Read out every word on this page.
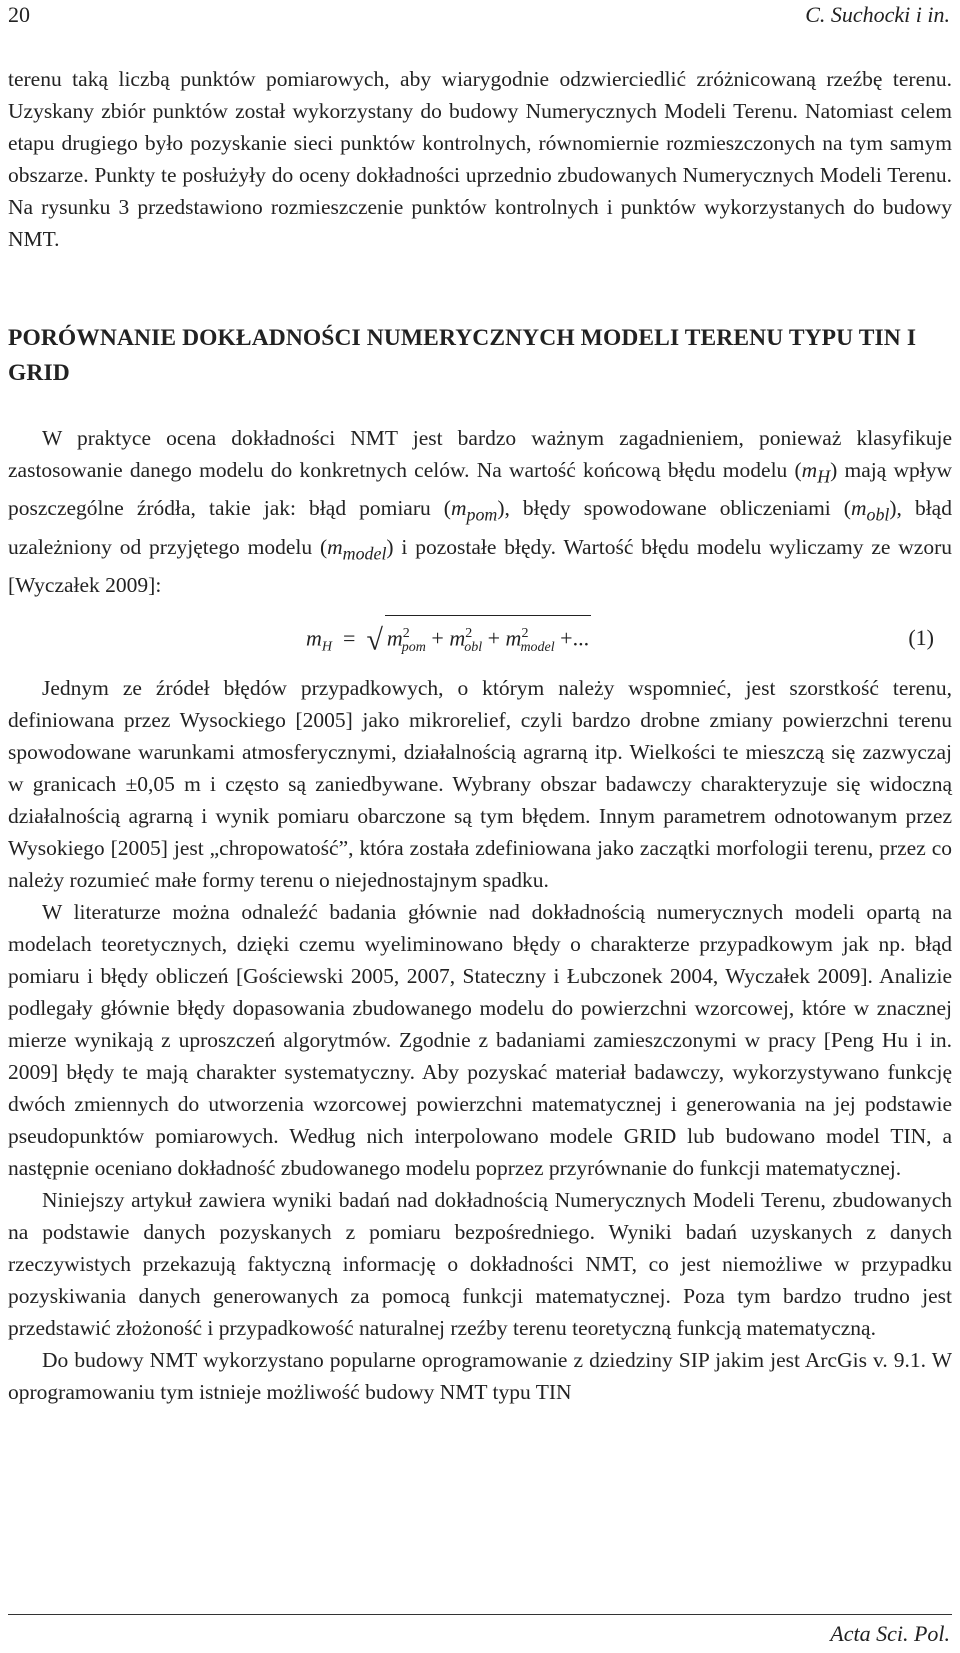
20	C. Suchocki i in.

terenu taką liczbą punktów pomiarowych, aby wiarygodnie odzwierciedlić zróżnicowaną rzeźbę terenu. Uzyskany zbiór punktów został wykorzystany do budowy Numerycznych Modeli Terenu. Natomiast celem etapu drugiego było pozyskanie sieci punktów kontrolnych, równomiernie rozmieszczonych na tym samym obszarze. Punkty te posłużyły do oceny dokładności uprzednio zbudowanych Numerycznych Modeli Terenu. Na rysunku 3 przedstawiono rozmieszczenie punktów kontrolnych i punktów wykorzystanych do budowy NMT.

PORÓWNANIE DOKŁADNOŚCI NUMERYCZNYCH MODELI TERENU TYPU TIN I GRID

W praktyce ocena dokładności NMT jest bardzo ważnym zagadnieniem, ponieważ klasyfikuje zastosowanie danego modelu do konkretnych celów. Na wartość końcową błędu modelu $(m_H)$ mają wpływ poszczególne źródła, takie jak: błąd pomiaru $(m_{pom})$, błędy spowodowane obliczeniami $(m_{obl})$, błąd uzależniony od przyjętego modelu $(m_{model})$ i pozostałe błędy. Wartość błędu modelu wyliczamy ze wzoru [Wyczałek 2009]:

$m_H$ = √ $m^2_{pom} + m^2_{obl} + m^2_{model}$ +...	(1)

Jednym ze źródeł błędów przypadkowych, o którym należy wspomnieć, jest szorstkość terenu, definiowana przez Wysockiego [2005] jako mikrorelief, czyli bardzo drobne zmiany powierzchni terenu spowodowane warunkami atmosferycznymi, działalnością agrarną itp. Wielkości te mieszczą się zazwyczaj w granicach ±0,05 m i często są zaniedbywane. Wybrany obszar badawczy charakteryzuje się widoczną działalnością agrarną i wynik pomiaru obarczone są tym błędem. Innym parametrem odnotowanym przez Wysokiego [2005] jest „chropowatość”, która została zdefiniowana jako zaczątki morfologii terenu, przez co należy rozumieć małe formy terenu o niejednostajnym spadku.

W literaturze można odnaleźć badania głównie nad dokładnością numerycznych modeli opartą na modelach teoretycznych, dzięki czemu wyeliminowano błędy o charakterze przypadkowym jak np. błąd pomiaru i błędy obliczeń [Gościewski 2005, 2007, Stateczny i Łubczonek 2004, Wyczałek 2009]. Analizie podlegały głównie błędy dopasowania zbudowanego modelu do powierzchni wzorcowej, które w znacznej mierze wynikają z uproszczeń algorytmów. Zgodnie z badaniami zamieszczonymi w pracy [Peng Hu i in. 2009] błędy te mają charakter systematyczny. Aby pozyskać materiał badawczy, wykorzystywano funkcję dwóch zmiennych do utworzenia wzorcowej powierzchni matematycznej i generowania na jej podstawie pseudopunktów pomiarowych. Według nich interpolowano modele GRID lub budowano model TIN, a następnie oceniano dokładność zbudowanego modelu poprzez przyrównanie do funkcji matematycznej.

Niniejszy artykuł zawiera wyniki badań nad dokładnością Numerycznych Modeli Terenu, zbudowanych na podstawie danych pozyskanych z pomiaru bezpośredniego. Wyniki badań uzyskanych z danych rzeczywistych przekazują faktyczną informację o dokładności NMT, co jest niemożliwe w przypadku pozyskiwania danych generowanych za pomocą funkcji matematycznej. Poza tym bardzo trudno jest przedstawić złożoność i przypadkowość naturalnej rzeźby terenu teoretyczną funkcją matematyczną.

Do budowy NMT wykorzystano popularne oprogramowanie z dziedziny SIP jakim jest ArcGis v. 9.1. W oprogramowaniu tym istnieje możliwość budowy NMT typu TIN

Acta Sci. Pol.
